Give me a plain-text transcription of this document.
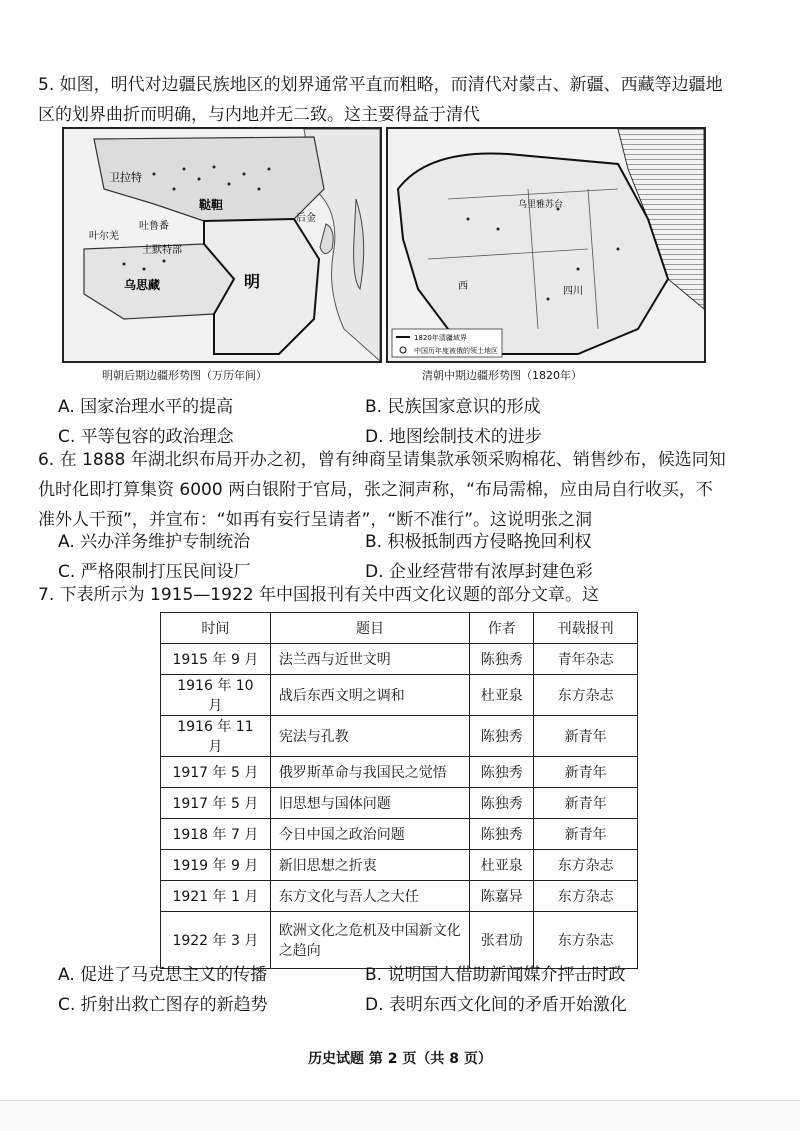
5. 如图，明代对边疆民族地区的划界通常平直而粗略，而清代对蒙古、新疆、西藏等边疆地

区的划界曲折而明确，与内地并无二致。这主要得益于清代

卫拉特
后金
鞑靼
吐鲁番
叶尔羌
土默特部
乌思藏	明
明朝后期边疆形势图（万历年间）
乌里雅苏台
西	四川
1820年清疆域界
中国历年度被俄的领土地区
清朝中期边疆形势图（1820年）
A. 国家治理水平的提高	B. 民族国家意识的形成
C. 平等包容的政治理念	D. 地图绘制技术的进步

6. 在 1888 年湖北织布局开办之初，曾有绅商呈请集款承领采购棉花、销售纱布，候选同知

仇时化即打算集资 6000 两白银附于官局，张之洞声称，“布局需棉，应由局自行收买，不

准外人干预”，并宣布：“如再有妄行呈请者”，“断不准行”。这说明张之洞

A. 兴办洋务维护专制统治	B. 积极抵制西方侵略挽回利权
C. 严格限制打压民间设厂	D. 企业经营带有浓厚封建色彩

7. 下表所示为 1915—1922 年中国报刊有关中西文化议题的部分文章。这

时间	题目	作者	刊载报刊
1915 年 9 月	法兰西与近世文明	陈独秀	青年杂志
1916 年 10 月	战后东西文明之调和	杜亚泉	东方杂志
1916 年 11 月	宪法与孔教	陈独秀	新青年
1917 年 5 月	俄罗斯革命与我国民之觉悟	陈独秀	新青年
1917 年 5 月	旧思想与国体问题	陈独秀	新青年
1918 年 7 月	今日中国之政治问题	陈独秀	新青年
1919 年 9 月	新旧思想之折衷	杜亚泉	东方杂志
1921 年 1 月	东方文化与吾人之大任	陈嘉异	东方杂志
1922 年 3 月	欧洲文化之危机及中国新文化之趋向	张君劢	东方杂志
A. 促进了马克思主义的传播	B. 说明国人借助新闻媒介抨击时政
C. 折射出救亡图存的新趋势	D. 表明东西文化间的矛盾开始激化
历史试题 第 2 页（共 8 页）
